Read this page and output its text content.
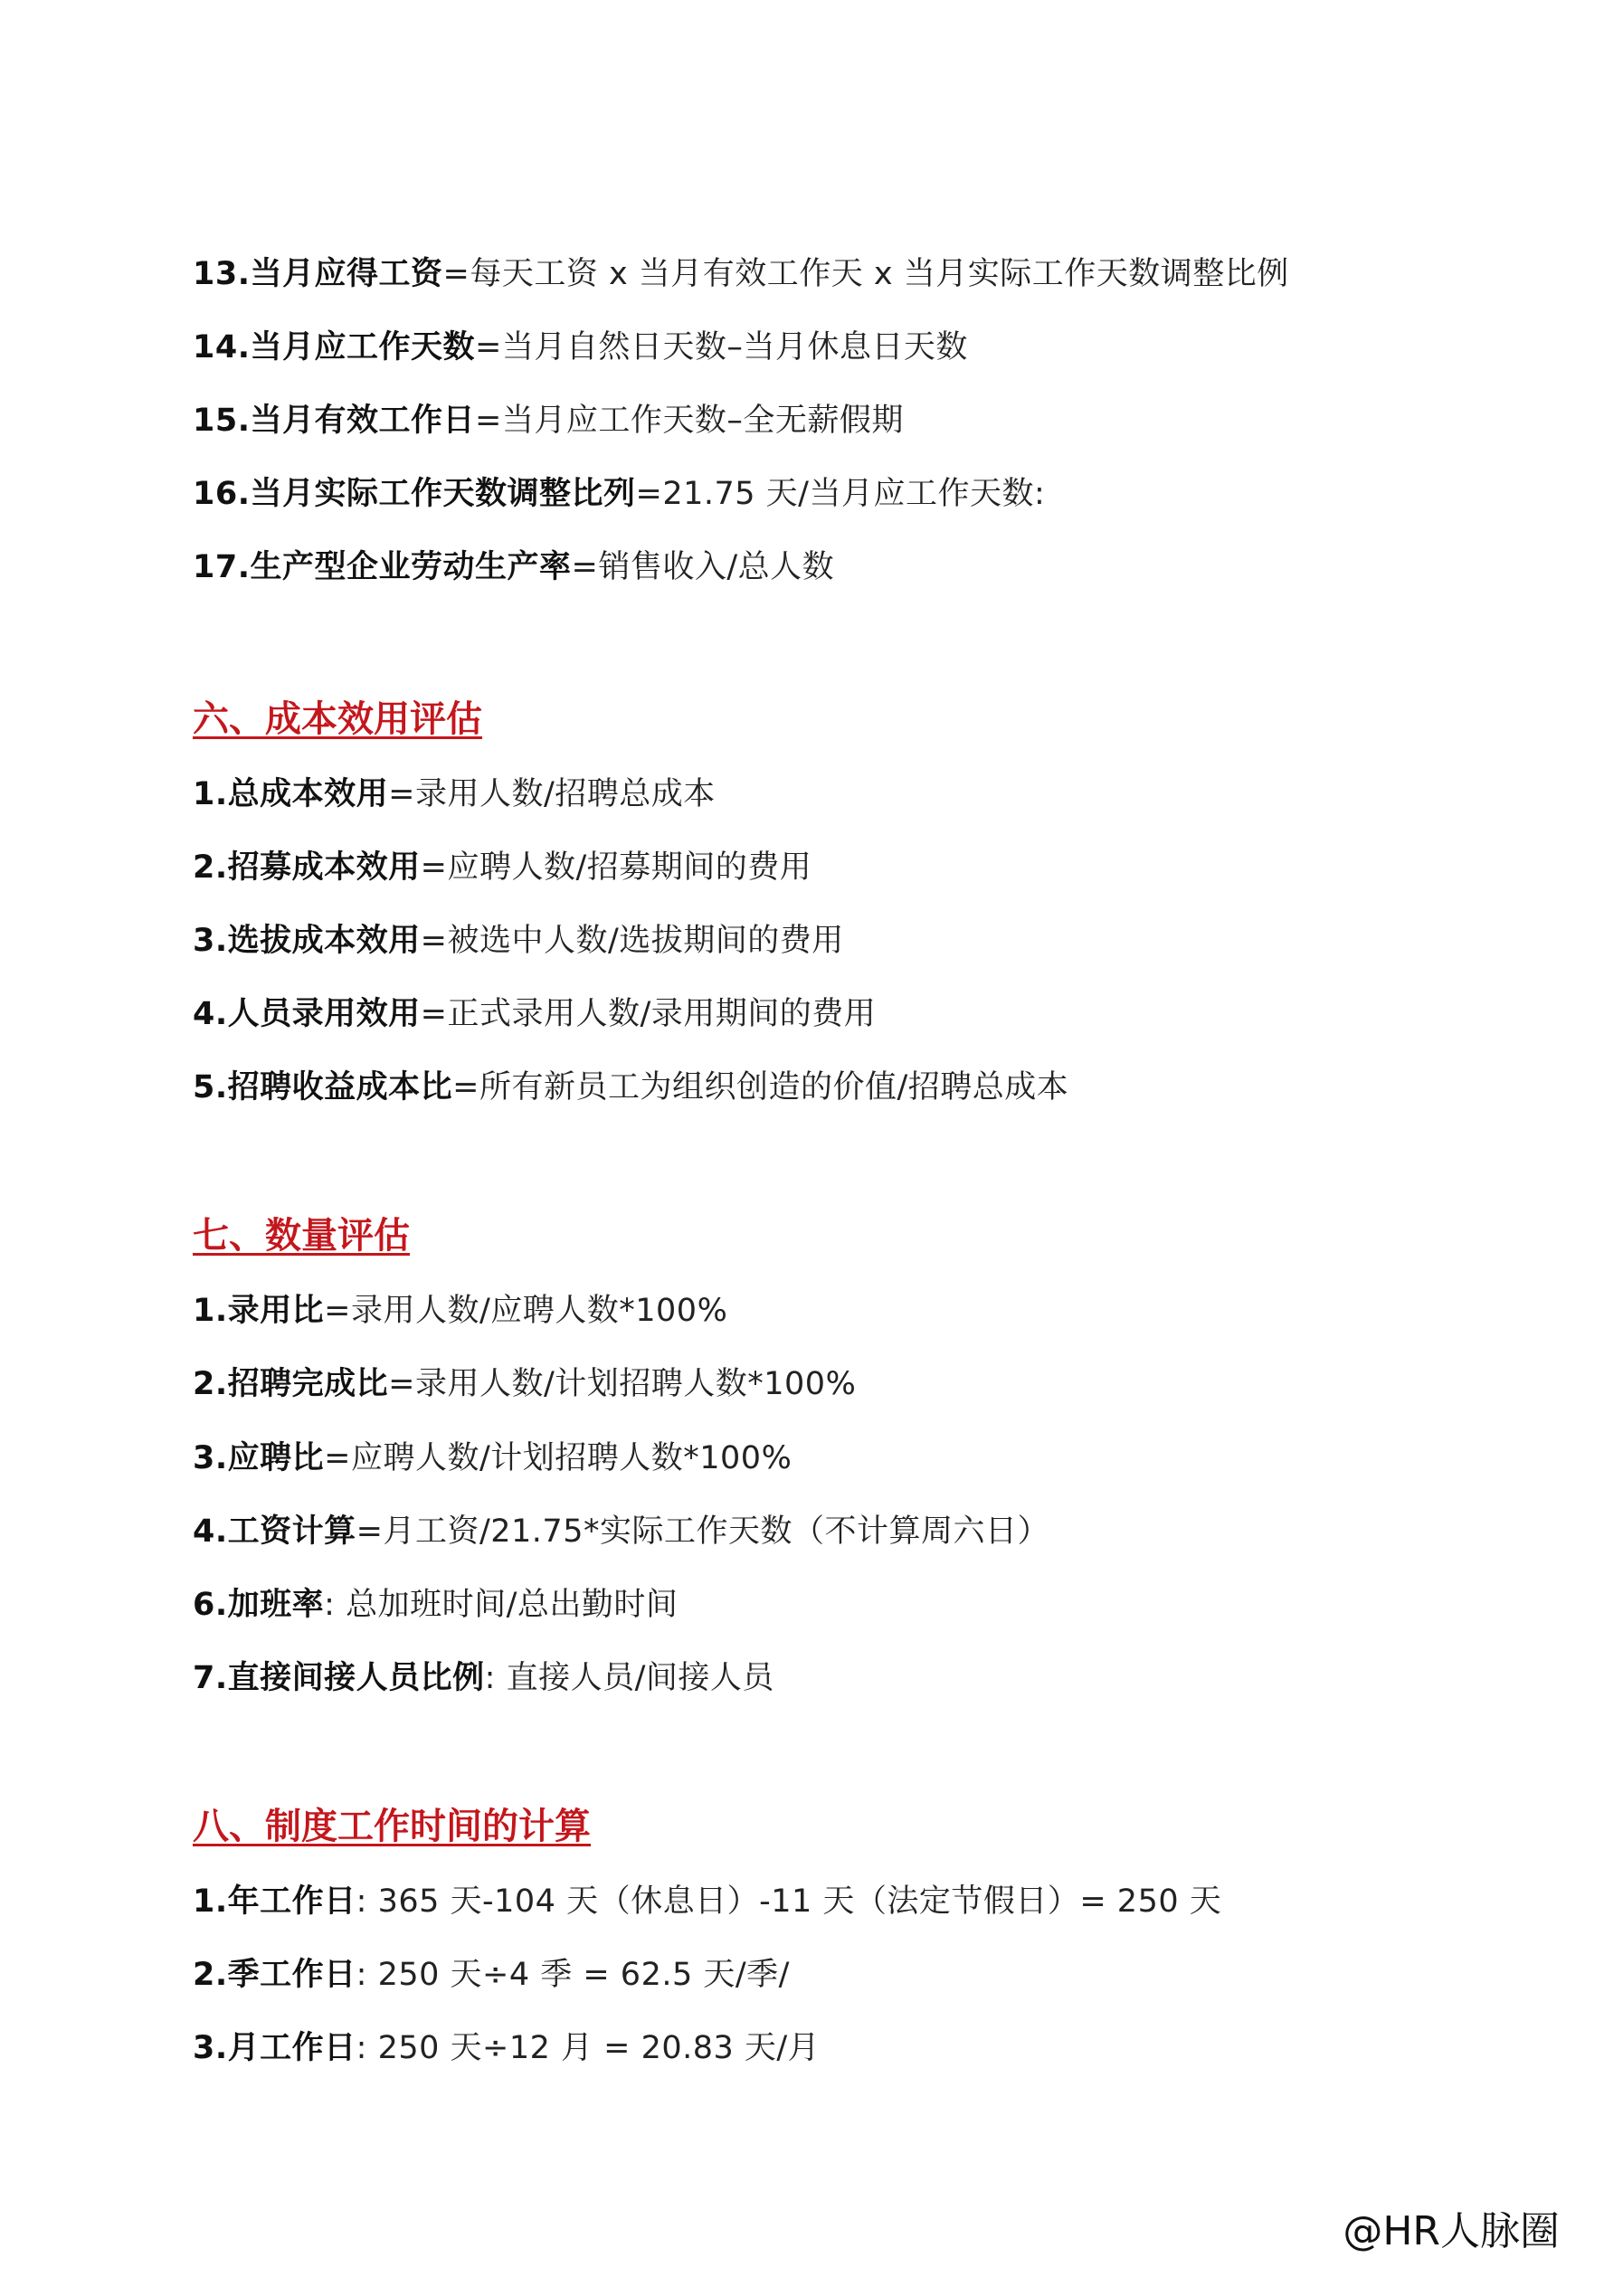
13.当月应得工资=每天工资 x 当月有效工作天 x 当月实际工作天数调整比例
14.当月应工作天数=当月自然日天数–当月休息日天数
15.当月有效工作日=当月应工作天数–全无薪假期
16.当月实际工作天数调整比列=21.75 天/当月应工作天数:
17.生产型企业劳动生产率=销售收入/总人数
六、成本效用评估
1.总成本效用=录用人数/招聘总成本
2.招募成本效用=应聘人数/招募期间的费用
3.选拔成本效用=被选中人数/选拔期间的费用
4.人员录用效用=正式录用人数/录用期间的费用
5.招聘收益成本比=所有新员工为组织创造的价值/招聘总成本
七、数量评估
1.录用比=录用人数/应聘人数*100%
2.招聘完成比=录用人数/计划招聘人数*100%
3.应聘比=应聘人数/计划招聘人数*100%
4.工资计算=月工资/21.75*实际工作天数（不计算周六日）
6.加班率: 总加班时间/总出勤时间
7.直接间接人员比例: 直接人员/间接人员
八、制度工作时间的计算
1.年工作日: 365 天-104 天（休息日）-11 天（法定节假日）= 250 天
2.季工作日: 250 天÷4 季 = 62.5 天/季/
3.月工作日: 250 天÷12 月 = 20.83 天/月
@HR人脉圈
